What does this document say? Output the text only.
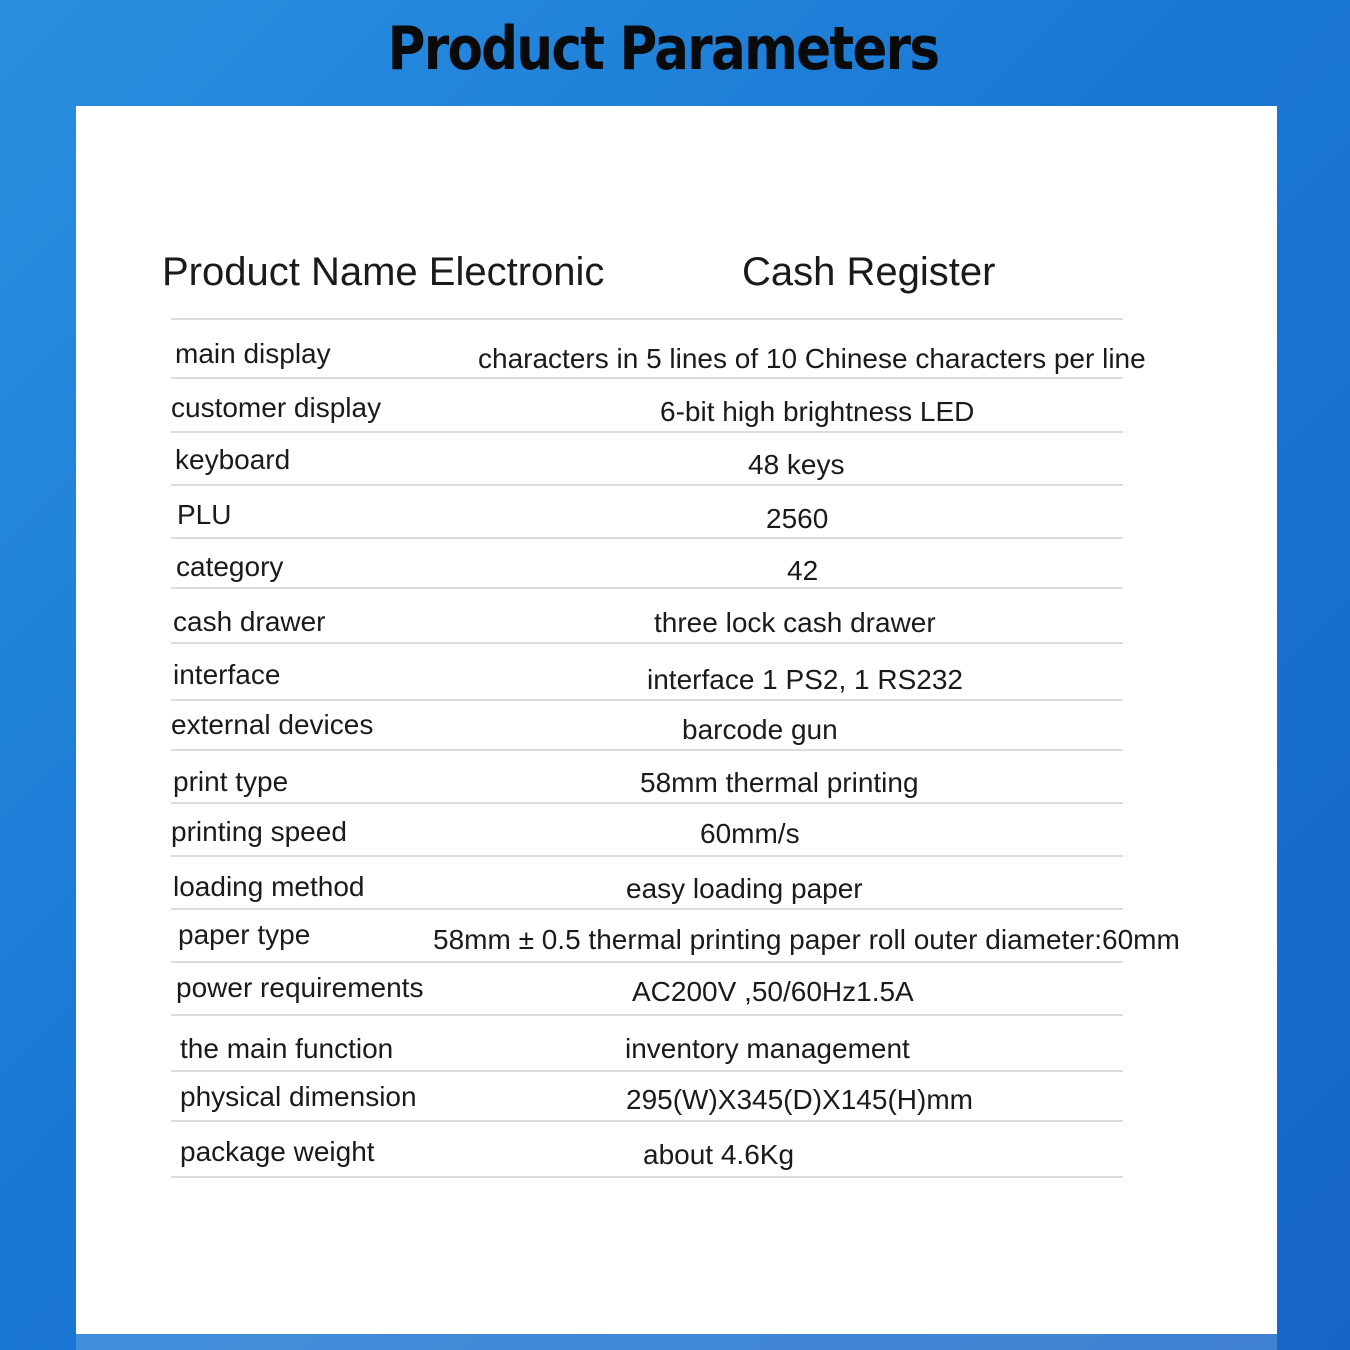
Product Parameters
Product Name Electronic	Cash Register
main display	characters in 5 lines of 10 Chinese characters per line
customer display	6-bit high brightness LED
keyboard	48 keys
PLU	2560
category	42
cash drawer	three lock cash drawer
interface	interface 1 PS2, 1 RS232
external devices	barcode gun
print type	58mm thermal printing
printing speed	60mm/s
loading method	easy loading paper
paper type	58mm ± 0.5 thermal printing paper roll outer diameter:60mm
power requirements	AC200V ,50/60Hz1.5A
the main function	inventory management
physical dimension	295(W)X345(D)X145(H)mm
package weight	about 4.6Kg
